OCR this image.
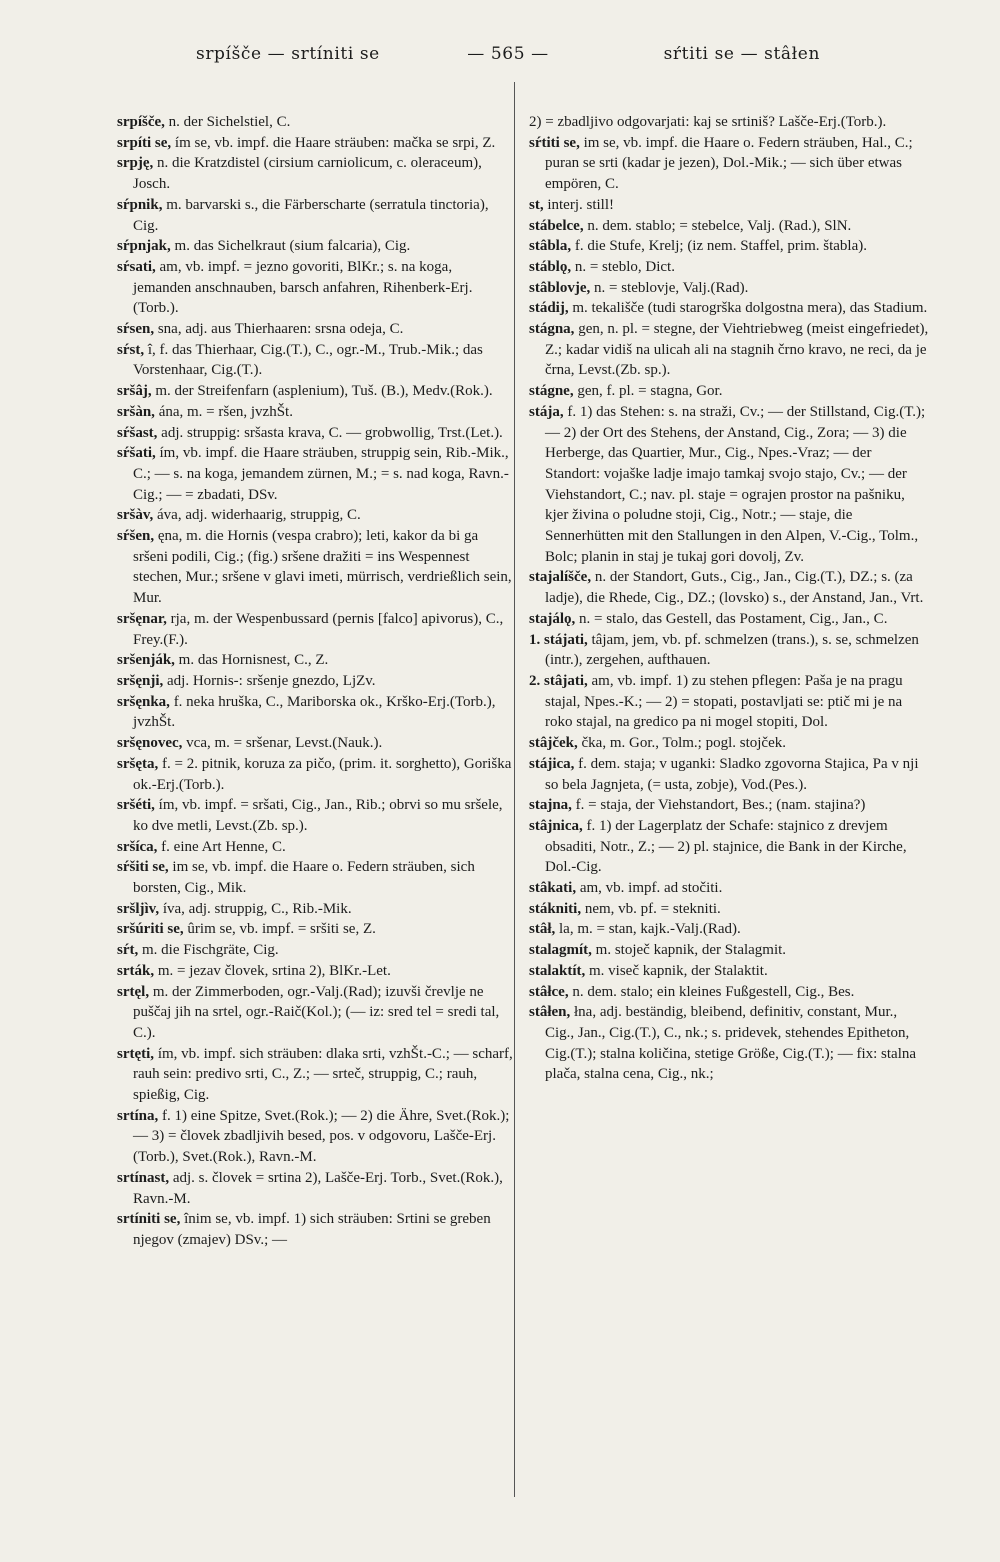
srpíšče — srtíniti se	— 565 —	sŕtiti se — stâłen

srpíšče, n. der Sichelstiel, C.

srpíti se, ím se, vb. impf. die Haare sträuben: mačka se srpi, Z.

srpję, n. die Kratzdistel (cirsium carniolicum, c. oleraceum), Josch.

sŕpnik, m. barvarski s., die Färberscharte (serratula tinctoria), Cig.

sŕpnjak, m. das Sichelkraut (sium falcaria), Cig.

sŕsati, am, vb. impf. = jezno govoriti, BlKr.; s. na koga, jemanden anschnauben, barsch anfahren, Rihenberk-Erj.(Torb.).

sŕsen, sna, adj. aus Thierhaaren: srsna odeja, C.

sŕst, î, f. das Thierhaar, Cig.(T.), C., ogr.-M., Trub.-Mik.; das Vorstenhaar, Cig.(T.).

sršâj, m. der Streifenfarn (asplenium), Tuš. (B.), Medv.(Rok.).

sršàn, ána, m. = ršen, jvzhŠt.

sŕšast, adj. struppig: sršasta krava, C. — grobwollig, Trst.(Let.).

sŕšati, ím, vb. impf. die Haare sträuben, struppig sein, Rib.-Mik., C.; — s. na koga, jemandem zürnen, M.; = s. nad koga, Ravn.-Cig.; — = zbadati, DSv.

sršàv, áva, adj. widerhaarig, struppig, C.

sŕšen, ęna, m. die Hornis (vespa crabro); leti, kakor da bi ga sršeni podili, Cig.; (fig.) sršene dražiti = ins Wespennest stechen, Mur.; sršene v glavi imeti, mürrisch, verdrießlich sein, Mur.

sršęnar, rja, m. der Wespenbussard (pernis [falco] apivorus), C., Frey.(F.).

sršenják, m. das Hornisnest, C., Z.

sršęnji, adj. Hornis-: sršenje gnezdo, LjZv.

sršęnka, f. neka hruška, C., Mariborska ok., Krško-Erj.(Torb.), jvzhŠt.

sršęnovec, vca, m. = sršenar, Levst.(Nauk.).

sršęta, f. = 2. pitnik, koruza za pičo, (prim. it. sorghetto), Goriška ok.-Erj.(Torb.).

sršéti, ím, vb. impf. = sršati, Cig., Jan., Rib.; obrvi so mu sršele, ko dve metli, Levst.(Zb. sp.).

sršíca, f. eine Art Henne, C.

sŕšiti se, im se, vb. impf. die Haare o. Federn sträuben, sich borsten, Cig., Mik.

sršljìv, íva, adj. struppig, C., Rib.-Mik.

sršúriti se, ûrim se, vb. impf. = sršiti se, Z.

sŕt, m. die Fischgräte, Cig.

srták, m. = jezav človek, srtina 2), BlKr.-Let.

srtęl, m. der Zimmerboden, ogr.-Valj.(Rad); izuvši črevlje ne puščaj jih na srtel, ogr.-Raič(Kol.); (— iz: sred tel = sredi tal, C.).

srtęti, ím, vb. impf. sich sträuben: dlaka srti, vzhŠt.-C.; — scharf, rauh sein: predivo srti, C., Z.; — srteč, struppig, C.; rauh, spießig, Cig.

srtína, f. 1) eine Spitze, Svet.(Rok.); — 2) die Ähre, Svet.(Rok.); — 3) = človek zbadljivih besed, pos. v odgovoru, Lašče-Erj.(Torb.), Svet.(Rok.), Ravn.-M.

srtínast, adj. s. človek = srtina 2), Lašče-Erj. Torb., Svet.(Rok.), Ravn.-M.

srtíniti se, înim se, vb. impf. 1) sich sträuben: Srtini se greben njegov (zmajev) DSv.; —

2) = zbadljivo odgovarjati: kaj se srtiniš? Lašče-Erj.(Torb.).

sŕtiti se, im se, vb. impf. die Haare o. Federn sträuben, Hal., C.; puran se srti (kadar je jezen), Dol.-Mik.; — sich über etwas empören, C.

st, interj. still!

stábelce, n. dem. stablo; = stebelce, Valj. (Rad.), SlN.

stâbla, f. die Stufe, Krelj; (iz nem. Staffel, prim. štabla).

stáblǫ, n. = steblo, Dict.

stâblovje, n. = steblovje, Valj.(Rad).

stádij, m. tekališče (tudi starogrška dolgostna mera), das Stadium.

stágna, gen, n. pl. = stegne, der Viehtriebweg (meist eingefriedet), Z.; kadar vidiš na ulicah ali na stagnih črno kravo, ne reci, da je črna, Levst.(Zb. sp.).

stágne, gen, f. pl. = stagna, Gor.

stája, f. 1) das Stehen: s. na straži, Cv.; — der Stillstand, Cig.(T.); — 2) der Ort des Stehens, der Anstand, Cig., Zora; — 3) die Herberge, das Quartier, Mur., Cig., Npes.-Vraz; — der Standort: vojaške ladje imajo tamkaj svojo stajo, Cv.; — der Viehstandort, C.; nav. pl. staje = ograjen prostor na pašniku, kjer živina o poludne stoji, Cig., Notr.; — staje, die Sennerhütten mit den Stallungen in den Alpen, V.-Cig., Tolm., Bolc; planin in staj je tukaj gori dovolj, Zv.

stajalíšče, n. der Standort, Guts., Cig., Jan., Cig.(T.), DZ.; s. (za ladje), die Rhede, Cig., DZ.; (lovsko) s., der Anstand, Jan., Vrt.

stajálǫ, n. = stalo, das Gestell, das Postament, Cig., Jan., C.

1. stájati, tâjam, jem, vb. pf. schmelzen (trans.), s. se, schmelzen (intr.), zergehen, aufthauen.

2. stâjati, am, vb. impf. 1) zu stehen pflegen: Paša je na pragu stajal, Npes.-K.; — 2) = stopati, postavljati se: ptič mi je na roko stajal, na gredico pa ni mogel stopiti, Dol.

stâjček, čka, m. Gor., Tolm.; pogl. stojček.

stájica, f. dem. staja; v uganki: Sladko zgovorna Stajica, Pa v nji so bela Jagnjeta, (= usta, zobje), Vod.(Pes.).

stajna, f. = staja, der Viehstandort, Bes.; (nam. stajina?)

stâjnica, f. 1) der Lagerplatz der Schafe: stajnico z drevjem obsaditi, Notr., Z.; — 2) pl. stajnice, die Bank in der Kirche, Dol.-Cig.

stâkati, am, vb. impf. ad stočiti.

stákniti, nem, vb. pf. = stekniti.

stâł, la, m. = stan, kajk.-Valj.(Rad).

stalagmít, m. stoječ kapnik, der Stalagmit.

stalaktít, m. viseč kapnik, der Stalaktit.

stâłce, n. dem. stalo; ein kleines Fußgestell, Cig., Bes.

stâłen, łna, adj. beständig, bleibend, definitiv, constant, Mur., Cig., Jan., Cig.(T.), C., nk.; s. pridevek, stehendes Epitheton, Cig.(T.); stalna količina, stetige Größe, Cig.(T.); — fix: stalna plača, stalna cena, Cig., nk.;
